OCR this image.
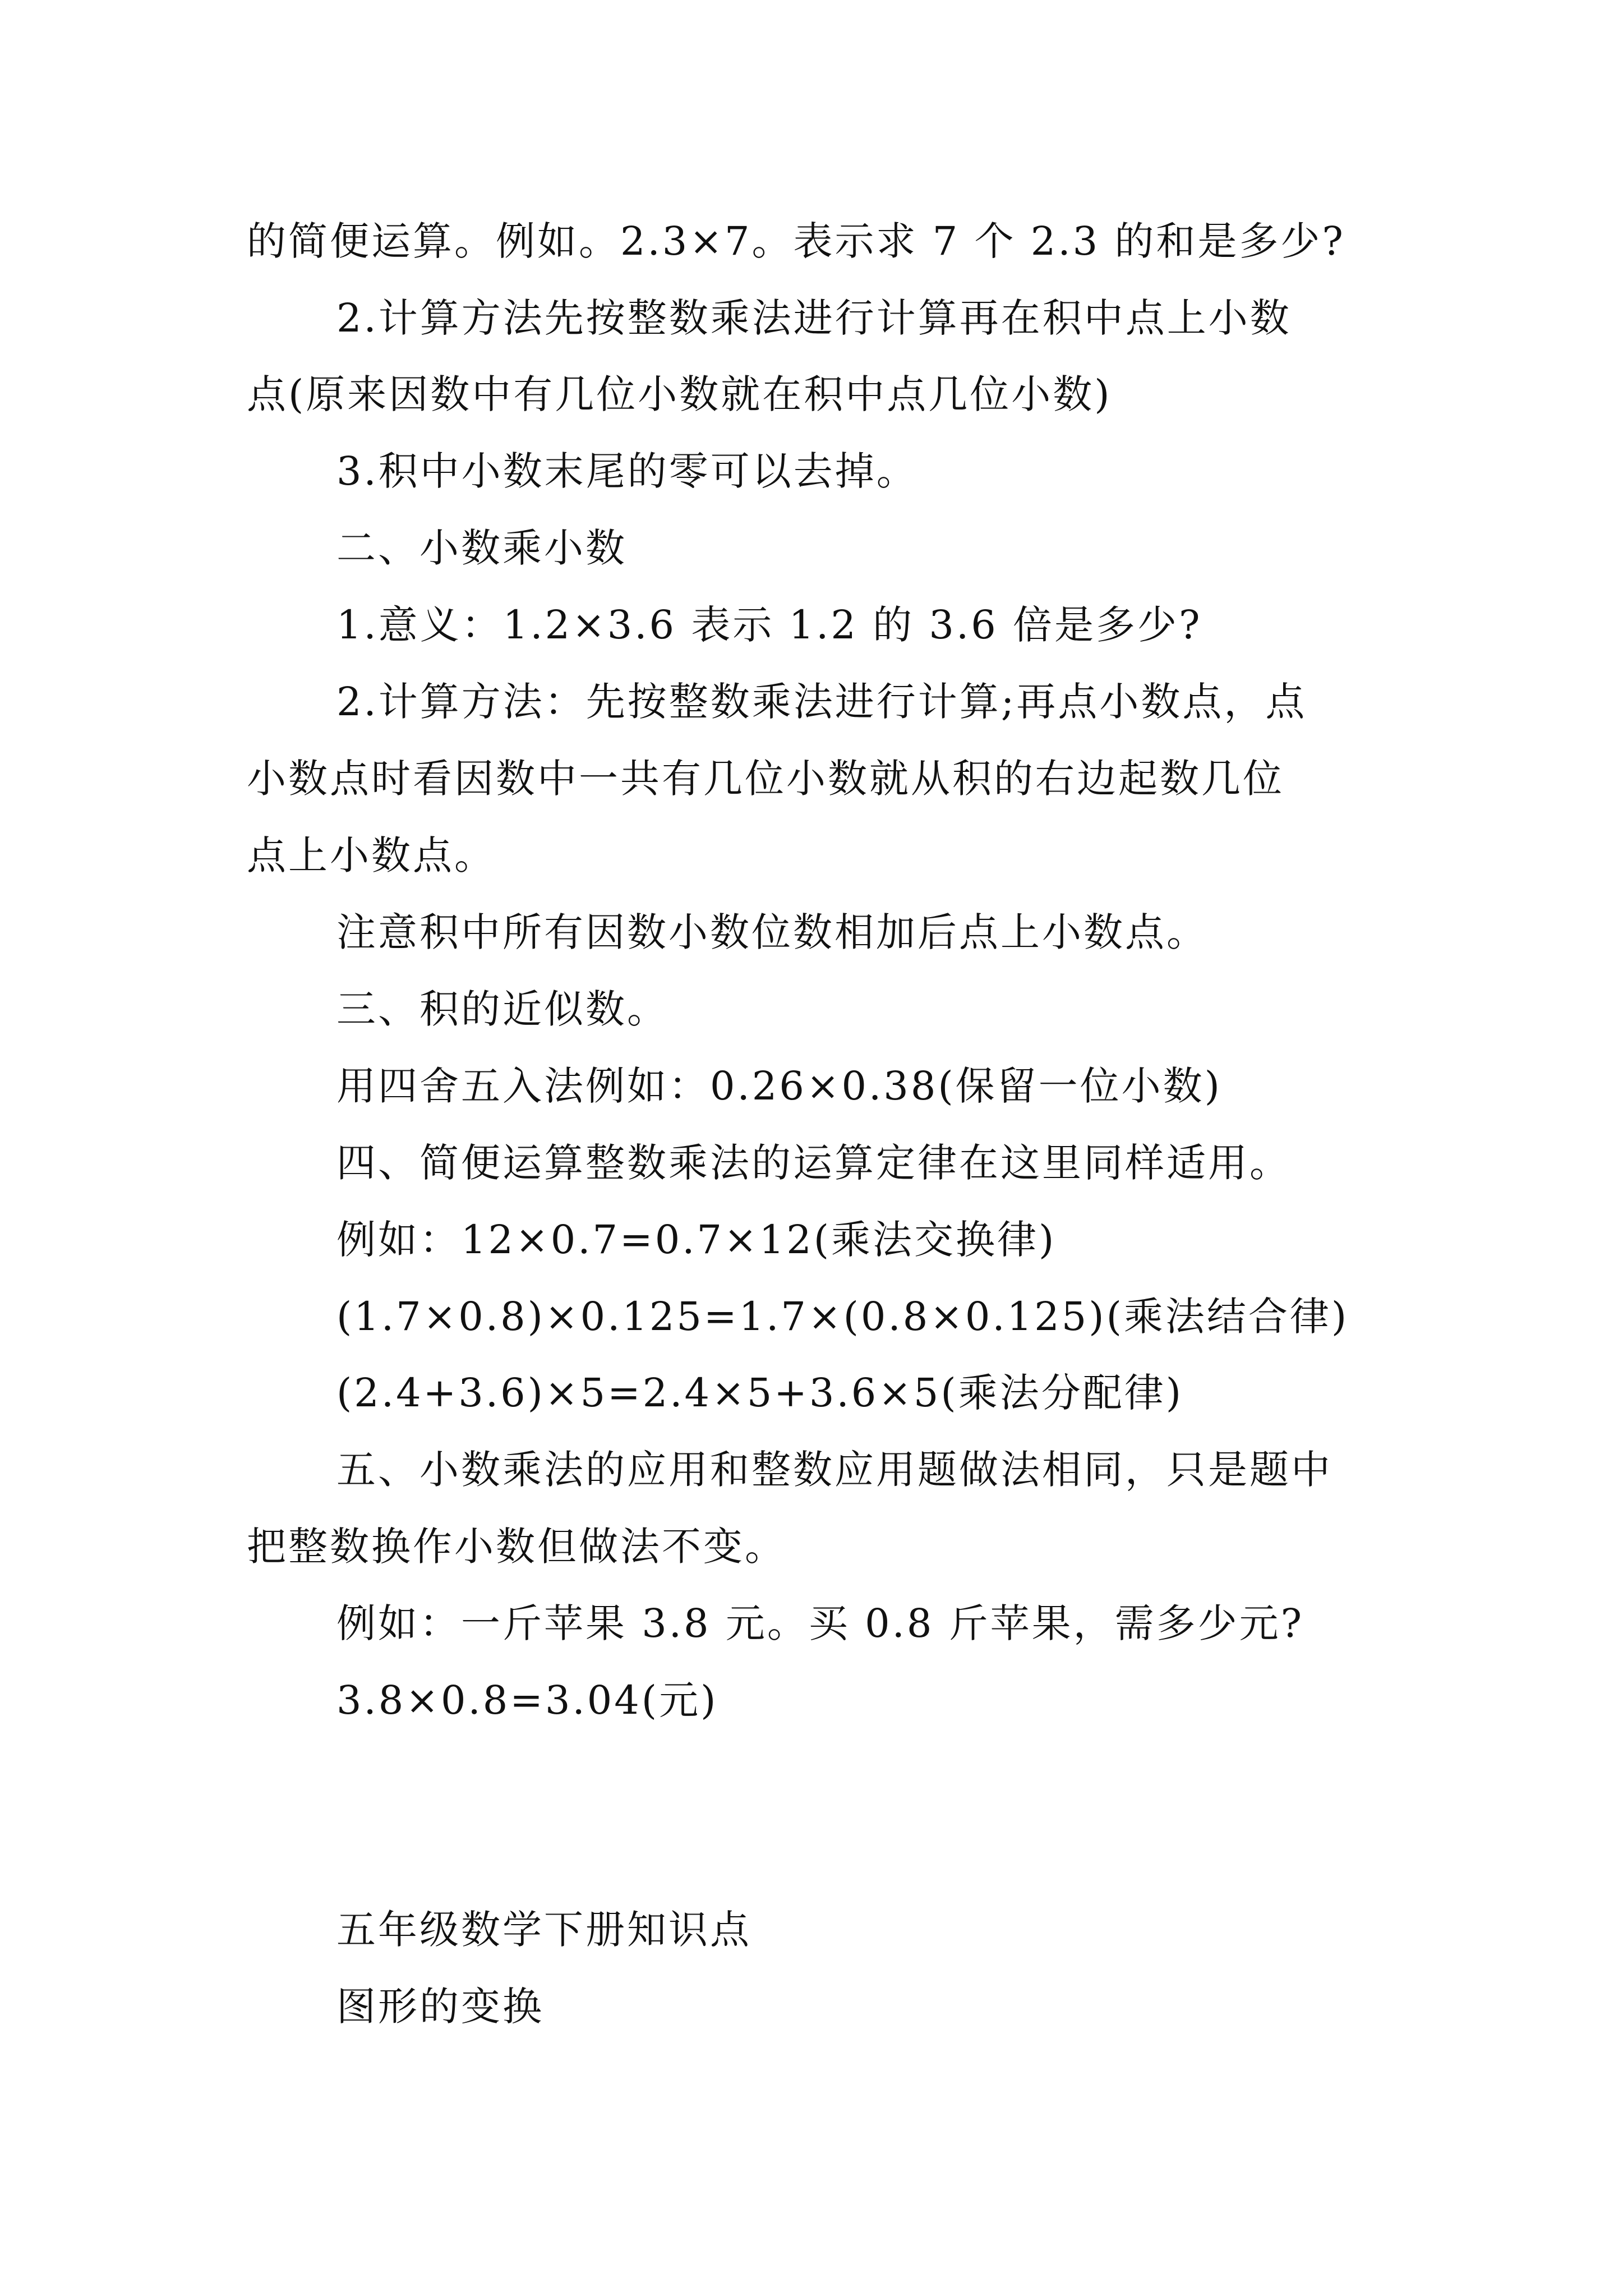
的简便运算。例如。2.3×7。表示求 7 个 2.3 的和是多少?
2.计算方法先按整数乘法进行计算再在积中点上小数
点(原来因数中有几位小数就在积中点几位小数)
3.积中小数末尾的零可以去掉。
二、小数乘小数
1.意义：1.2×3.6 表示 1.2 的 3.6 倍是多少?
2.计算方法：先按整数乘法进行计算;再点小数点，点
小数点时看因数中一共有几位小数就从积的右边起数几位
点上小数点。
注意积中所有因数小数位数相加后点上小数点。
三、积的近似数。
用四舍五入法例如：0.26×0.38(保留一位小数)
四、简便运算整数乘法的运算定律在这里同样适用。
例如：12×0.7=0.7×12(乘法交换律)
(1.7×0.8)×0.125=1.7×(0.8×0.125)(乘法结合律)
(2.4+3.6)×5=2.4×5+3.6×5(乘法分配律)
五、小数乘法的应用和整数应用题做法相同，只是题中
把整数换作小数但做法不变。
例如：一斤苹果 3.8 元。买 0.8 斤苹果，需多少元?
3.8×0.8=3.04(元)
五年级数学下册知识点
图形的变换
